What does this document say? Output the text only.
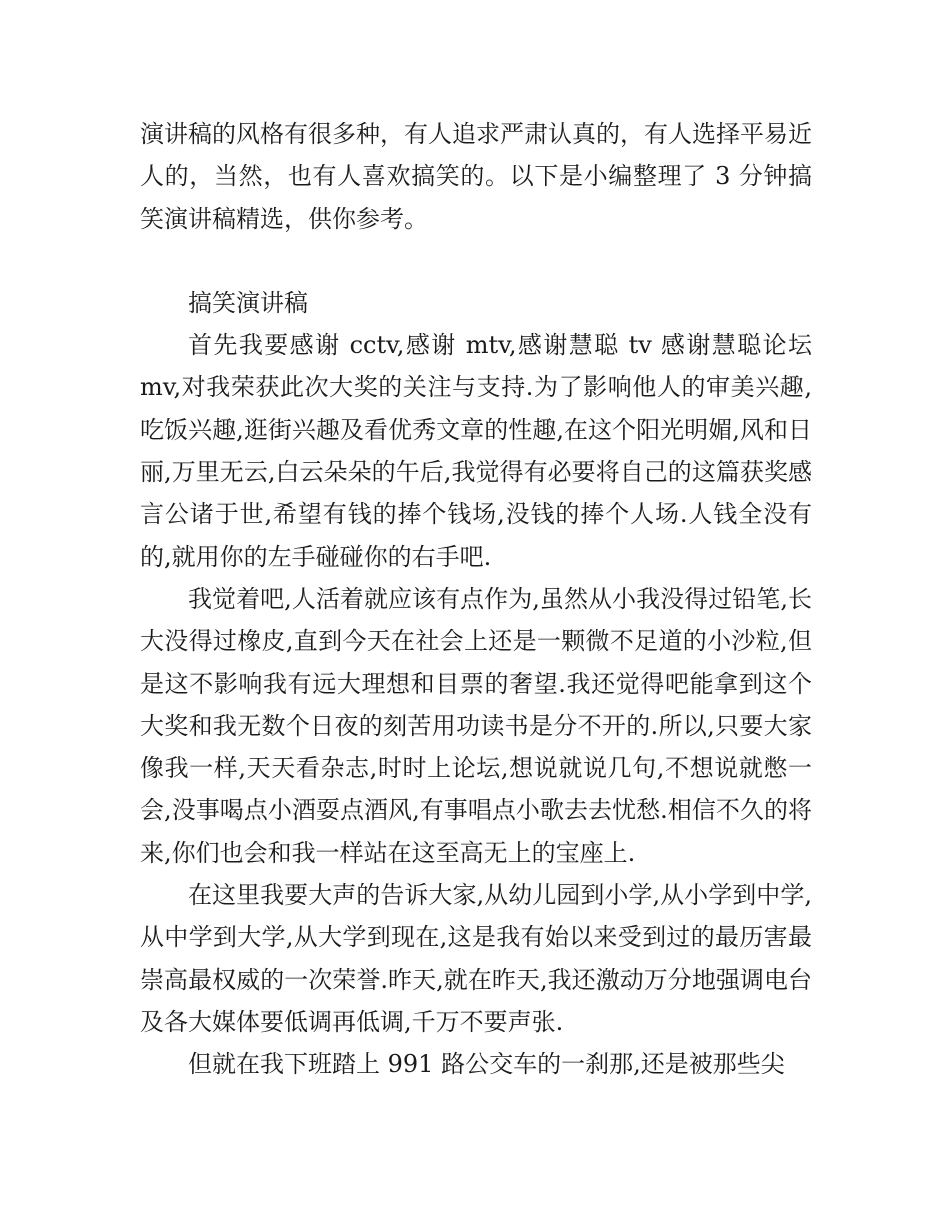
演讲稿的风格有很多种，有人追求严肃认真的，有人选择平易近人的，当然，也有人喜欢搞笑的。以下是小编整理了 3 分钟搞笑演讲稿精选，供你参考。

搞笑演讲稿

首先我要感谢 cctv,感谢 mtv,感谢慧聪 tv 感谢慧聪论坛mv,对我荣获此次大奖的关注与支持.为了影响他人的审美兴趣,吃饭兴趣,逛街兴趣及看优秀文章的性趣,在这个阳光明媚,风和日丽,万里无云,白云朵朵的午后,我觉得有必要将自己的这篇获奖感言公诸于世,希望有钱的捧个钱场,没钱的捧个人场.人钱全没有的,就用你的左手碰碰你的右手吧.

我觉着吧,人活着就应该有点作为,虽然从小我没得过铅笔,长大没得过橡皮,直到今天在社会上还是一颗微不足道的小沙粒,但是这不影响我有远大理想和目票的奢望.我还觉得吧能拿到这个大奖和我无数个日夜的刻苦用功读书是分不开的.所以,只要大家像我一样,天天看杂志,时时上论坛,想说就说几句,不想说就憋一会,没事喝点小酒耍点酒风,有事唱点小歌去去忧愁.相信不久的将来,你们也会和我一样站在这至高无上的宝座上.

在这里我要大声的告诉大家,从幼儿园到小学,从小学到中学,从中学到大学,从大学到现在,这是我有始以来受到过的最历害最崇高最权威的一次荣誉.昨天,就在昨天,我还激动万分地强调电台及各大媒体要低调再低调,千万不要声张.

但就在我下班踏上 991 路公交车的一刹那,还是被那些尖
